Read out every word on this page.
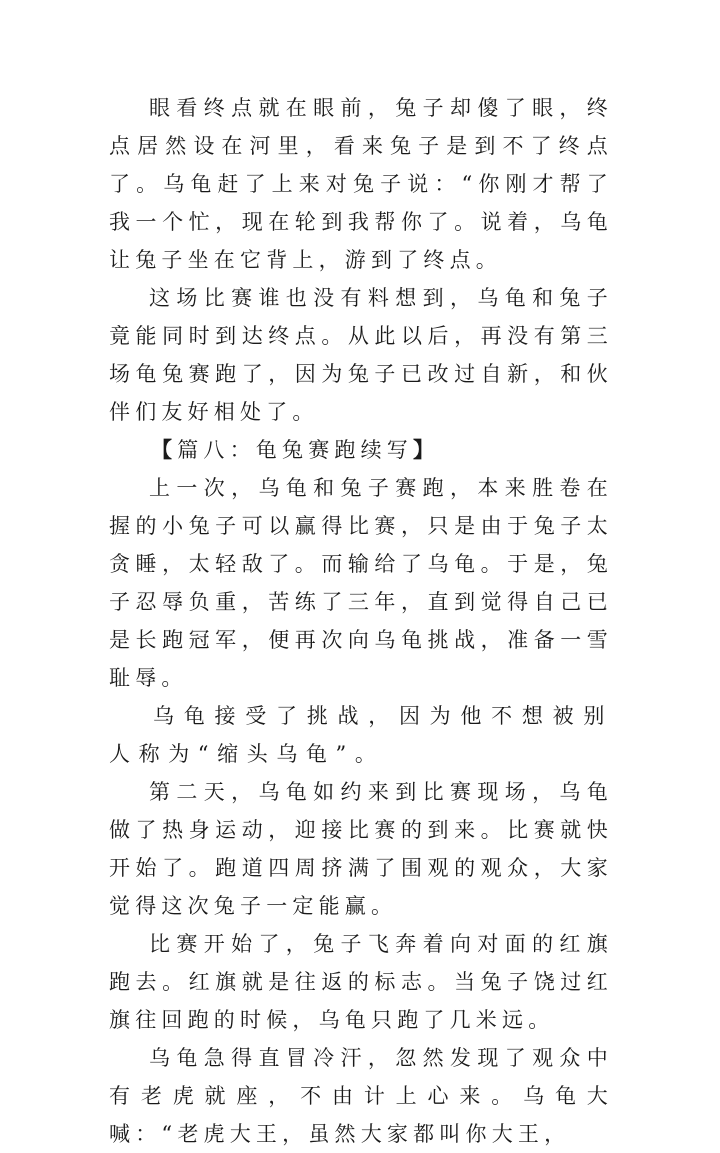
眼看终点就在眼前，兔子却傻了眼，终点居然设在河里，看来兔子是到不了终点了。乌龟赶了上来对兔子说：“你刚才帮了我一个忙，现在轮到我帮你了。说着，乌龟让兔子坐在它背上，游到了终点。

这场比赛谁也没有料想到，乌龟和兔子竟能同时到达终点。从此以后，再没有第三场龟兔赛跑了，因为兔子已改过自新，和伙伴们友好相处了。

【篇八：龟兔赛跑续写】

上一次，乌龟和兔子赛跑，本来胜卷在握的小兔子可以赢得比赛，只是由于兔子太贪睡，太轻敌了。而输给了乌龟。于是，兔子忍辱负重，苦练了三年，直到觉得自己已是长跑冠军，便再次向乌龟挑战，准备一雪耻辱。

乌龟接受了挑战，因为他不想被别人称为“缩头乌龟”。

第二天，乌龟如约来到比赛现场，乌龟做了热身运动，迎接比赛的到来。比赛就快开始了。跑道四周挤满了围观的观众，大家觉得这次兔子一定能赢。

比赛开始了，兔子飞奔着向对面的红旗跑去。红旗就是往返的标志。当兔子饶过红旗往回跑的时候，乌龟只跑了几米远。

乌龟急得直冒冷汗，忽然发现了观众中有老虎就座，不由计上心来。乌龟大喊：“老虎大王，虽然大家都叫你大王，
